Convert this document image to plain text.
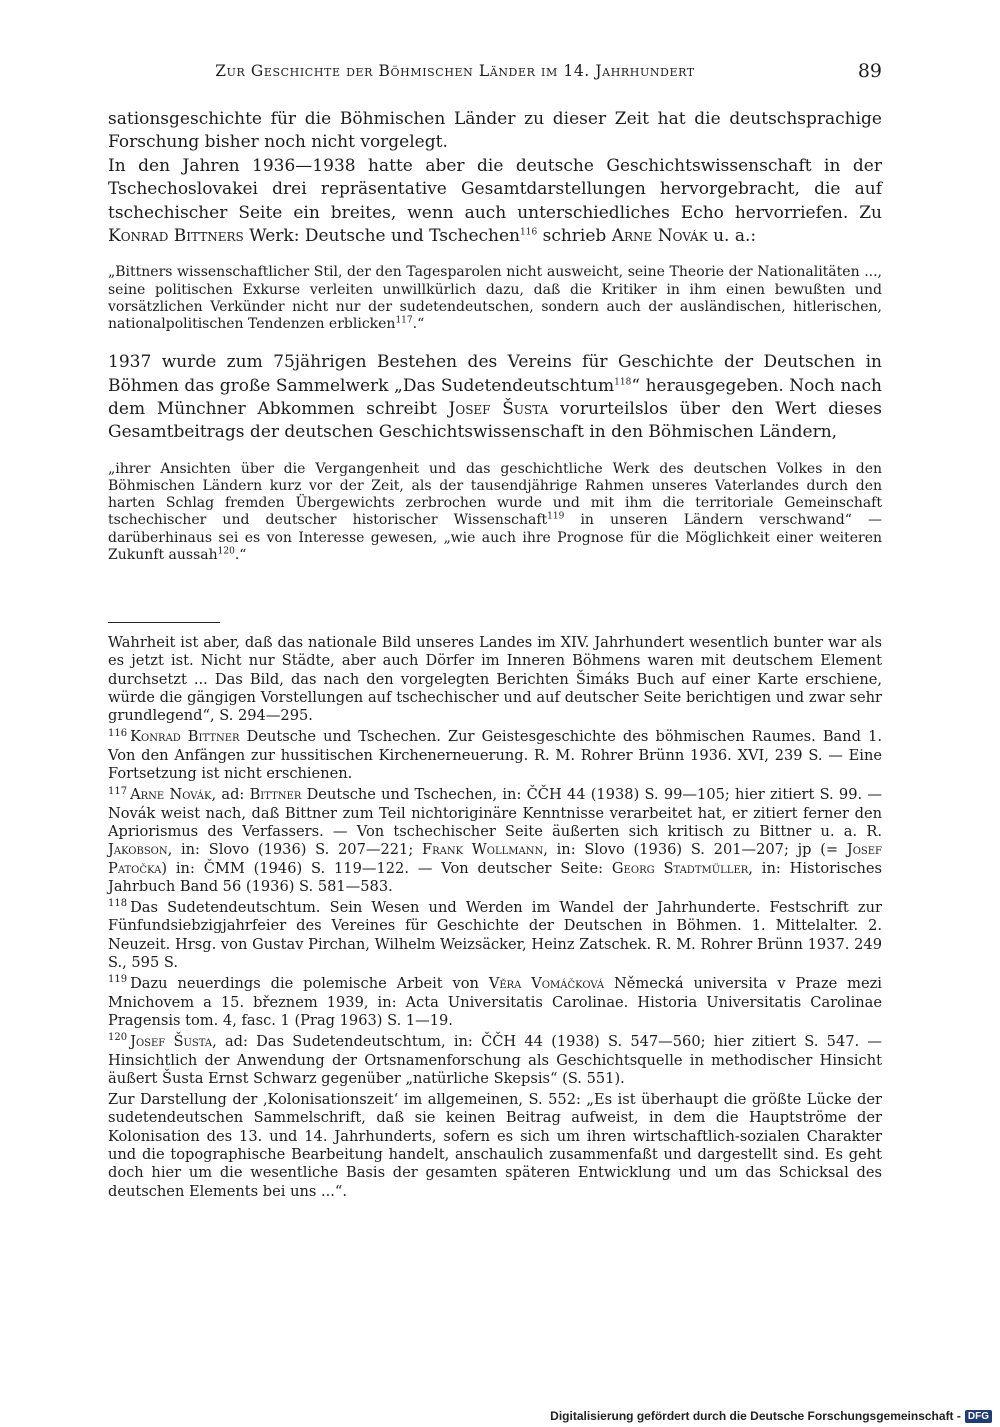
Zur Geschichte der Böhmischen Länder im 14. Jahrhundert	89

sationsgeschichte für die Böhmischen Länder zu dieser Zeit hat die deutschsprachige Forschung bisher noch nicht vorgelegt.

In den Jahren 1936—1938 hatte aber die deutsche Geschichtswissenschaft in der Tschechoslovakei drei repräsentative Gesamtdarstellungen hervorgebracht, die auf tschechischer Seite ein breites, wenn auch unterschiedliches Echo hervorriefen. Zu Konrad Bittners Werk: Deutsche und Tschechen$^{116}$ schrieb Arne Novák u. a.:

„Bittners wissenschaftlicher Stil, der den Tagesparolen nicht ausweicht, seine Theorie der Nationalitäten ..., seine politischen Exkurse verleiten unwillkürlich dazu, daß die Kritiker in ihm einen bewußten und vorsätzlichen Verkünder nicht nur der sudetendeutschen, sondern auch der ausländischen, hitlerischen, nationalpolitischen Tendenzen erblicken$^{117}$.“

1937 wurde zum 75jährigen Bestehen des Vereins für Geschichte der Deutschen in Böhmen das große Sammelwerk „Das Sudetendeutschtum$^{118}$“ herausgegeben. Noch nach dem Münchner Abkommen schreibt Josef Šusta vorurteilslos über den Wert dieses Gesamtbeitrags der deutschen Geschichtswissenschaft in den Böhmischen Ländern,

„ihrer Ansichten über die Vergangenheit und das geschichtliche Werk des deutschen Volkes in den Böhmischen Ländern kurz vor der Zeit, als der tausendjährige Rahmen unseres Vaterlandes durch den harten Schlag fremden Übergewichts zerbrochen wurde und mit ihm die territoriale Gemeinschaft tschechischer und deutscher historischer Wissenschaft$^{119}$ in unseren Ländern verschwand“ — darüberhinaus sei es von Interesse gewesen, „wie auch ihre Prognose für die Möglichkeit einer weiteren Zukunft aussah$^{120}$.“

Wahrheit ist aber, daß das nationale Bild unseres Landes im XIV. Jahrhundert wesentlich bunter war als es jetzt ist. Nicht nur Städte, aber auch Dörfer im Inneren Böhmens waren mit deutschem Element durchsetzt ... Das Bild, das nach den vorgelegten Berichten Šimáks Buch auf einer Karte erschiene, würde die gängigen Vorstellungen auf tschechischer und auf deutscher Seite berichtigen und zwar sehr grundlegend“, S. 294—295.

$^{116}$ Konrad Bittner Deutsche und Tschechen. Zur Geistesgeschichte des böhmischen Raumes. Band 1. Von den Anfängen zur hussitischen Kirchenerneuerung. R. M. Rohrer Brünn 1936. XVI, 239 S. — Eine Fortsetzung ist nicht erschienen.

$^{117}$ Arne Novák, ad: Bittner Deutsche und Tschechen, in: ČČH 44 (1938) S. 99—105; hier zitiert S. 99. — Novák weist nach, daß Bittner zum Teil nichtoriginäre Kenntnisse verarbeitet hat, er zitiert ferner den Apriorismus des Verfassers. — Von tschechischer Seite äußerten sich kritisch zu Bittner u. a. R. Jakobson, in: Slovo (1936) S. 207—221; Frank Wollmann, in: Slovo (1936) S. 201—207; jp (= Josef Patočka) in: ČMM (1946) S. 119—122. — Von deutscher Seite: Georg Stadtmüller, in: Historisches Jahrbuch Band 56 (1936) S. 581—583.

$^{118}$ Das Sudetendeutschtum. Sein Wesen und Werden im Wandel der Jahrhunderte. Festschrift zur Fünfundsiebzigjahrfeier des Vereines für Geschichte der Deutschen in Böhmen. 1. Mittelalter. 2. Neuzeit. Hrsg. von Gustav Pirchan, Wilhelm Weizsäcker, Heinz Zatschek. R. M. Rohrer Brünn 1937. 249 S., 595 S.

$^{119}$ Dazu neuerdings die polemische Arbeit von Věra Vomáčková Německá universita v Praze mezi Mnichovem a 15. březnem 1939, in: Acta Universitatis Carolinae. Historia Universitatis Carolinae Pragensis tom. 4, fasc. 1 (Prag 1963) S. 1—19.

$^{120}$ Josef Šusta, ad: Das Sudetendeutschtum, in: ČČH 44 (1938) S. 547—560; hier zitiert S. 547. — Hinsichtlich der Anwendung der Ortsnamenforschung als Geschichtsquelle in methodischer Hinsicht äußert Šusta Ernst Schwarz gegenüber „natürliche Skepsis“ (S. 551).

Zur Darstellung der ‚Kolonisationszeit‘ im allgemeinen, S. 552: „Es ist überhaupt die größte Lücke der sudetendeutschen Sammelschrift, daß sie keinen Beitrag aufweist, in dem die Hauptströme der Kolonisation des 13. und 14. Jahrhunderts, sofern es sich um ihren wirtschaftlich-sozialen Charakter und die topographische Bearbeitung handelt, anschaulich zusammenfaßt und dargestellt sind. Es geht doch hier um die wesentliche Basis der gesamten späteren Entwicklung und um das Schicksal des deutschen Elements bei uns ...“.

Digitalisierung gefördert durch die Deutsche Forschungsgemeinschaft - DFG
